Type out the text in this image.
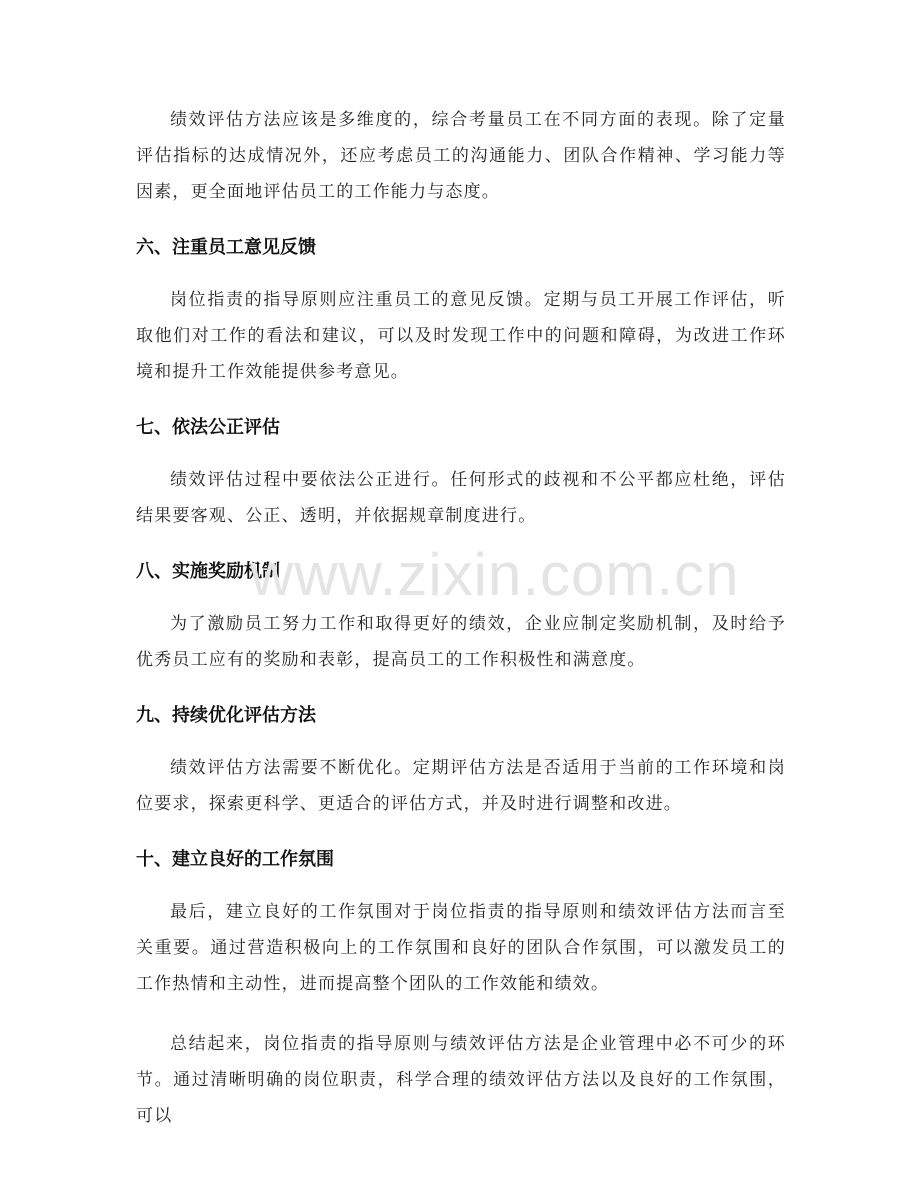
绩效评估方法应该是多维度的，综合考量员工在不同方面的表现。除了定量评估指标的达成情况外，还应考虑员工的沟通能力、团队合作精神、学习能力等因素，更全面地评估员工的工作能力与态度。

六、注重员工意见反馈

岗位指责的指导原则应注重员工的意见反馈。定期与员工开展工作评估，听取他们对工作的看法和建议，可以及时发现工作中的问题和障碍，为改进工作环境和提升工作效能提供参考意见。

七、依法公正评估

绩效评估过程中要依法公正进行。任何形式的歧视和不公平都应杜绝，评估结果要客观、公正、透明，并依据规章制度进行。

八、实施奖励机制

为了激励员工努力工作和取得更好的绩效，企业应制定奖励机制，及时给予优秀员工应有的奖励和表彰，提高员工的工作积极性和满意度。

九、持续优化评估方法

绩效评估方法需要不断优化。定期评估方法是否适用于当前的工作环境和岗位要求，探索更科学、更适合的评估方式，并及时进行调整和改进。

十、建立良好的工作氛围

最后，建立良好的工作氛围对于岗位指责的指导原则和绩效评估方法而言至关重要。通过营造积极向上的工作氛围和良好的团队合作氛围，可以激发员工的工作热情和主动性，进而提高整个团队的工作效能和绩效。

总结起来，岗位指责的指导原则与绩效评估方法是企业管理中必不可少的环节。通过清晰明确的岗位职责，科学合理的绩效评估方法以及良好的工作氛围，可以

www.zixin.com.cn
